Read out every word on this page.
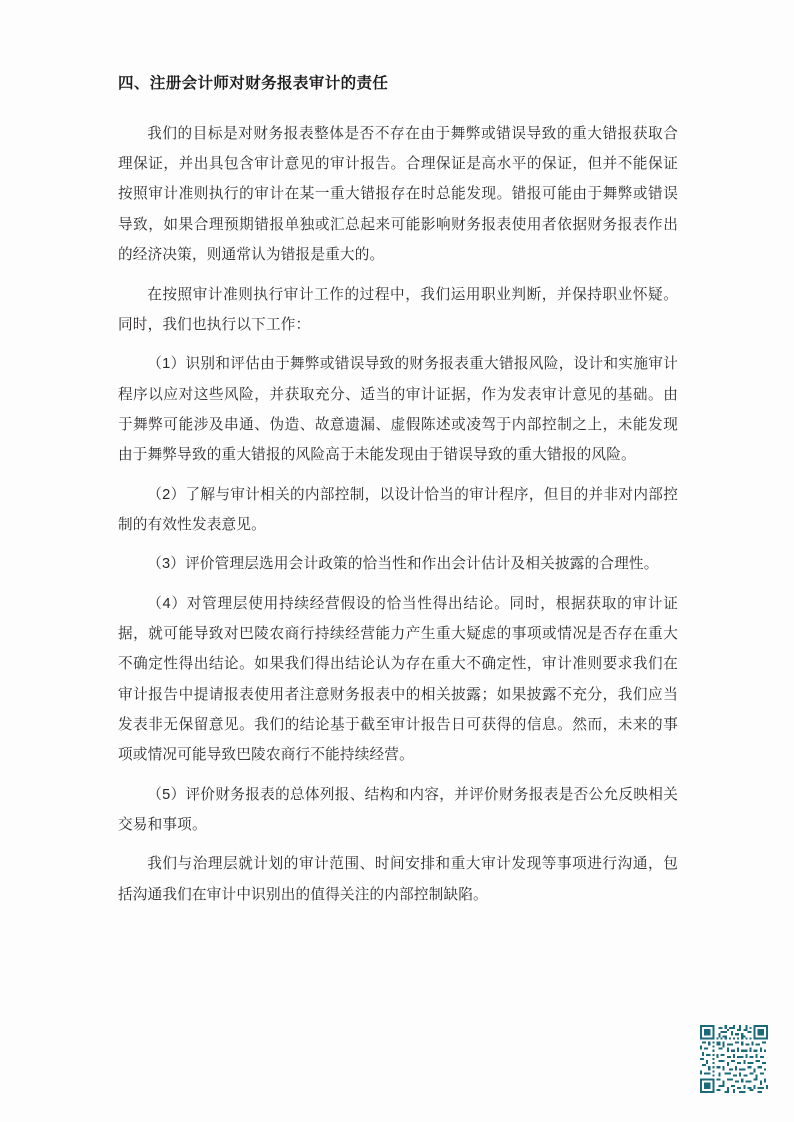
四、注册会计师对财务报表审计的责任

我们的目标是对财务报表整体是否不存在由于舞弊或错误导致的重大错报获取合理保证，并出具包含审计意见的审计报告。合理保证是高水平的保证，但并不能保证按照审计准则执行的审计在某一重大错报存在时总能发现。错报可能由于舞弊或错误导致，如果合理预期错报单独或汇总起来可能影响财务报表使用者依据财务报表作出的经济决策，则通常认为错报是重大的。

在按照审计准则执行审计工作的过程中，我们运用职业判断，并保持职业怀疑。同时，我们也执行以下工作：

（1）识别和评估由于舞弊或错误导致的财务报表重大错报风险，设计和实施审计程序以应对这些风险，并获取充分、适当的审计证据，作为发表审计意见的基础。由于舞弊可能涉及串通、伪造、故意遗漏、虚假陈述或凌驾于内部控制之上，未能发现由于舞弊导致的重大错报的风险高于未能发现由于错误导致的重大错报的风险。

（2）了解与审计相关的内部控制，以设计恰当的审计程序，但目的并非对内部控制的有效性发表意见。

（3）评价管理层选用会计政策的恰当性和作出会计估计及相关披露的合理性。

（4）对管理层使用持续经营假设的恰当性得出结论。同时，根据获取的审计证据，就可能导致对巴陵农商行持续经营能力产生重大疑虑的事项或情况是否存在重大不确定性得出结论。如果我们得出结论认为存在重大不确定性，审计准则要求我们在审计报告中提请报表使用者注意财务报表中的相关披露；如果披露不充分，我们应当发表非无保留意见。我们的结论基于截至审计报告日可获得的信息。然而，未来的事项或情况可能导致巴陵农商行不能持续经营。

（5）评价财务报表的总体列报、结构和内容，并评价财务报表是否公允反映相关交易和事项。

我们与治理层就计划的审计范围、时间安排和重大审计发现等事项进行沟通，包括沟通我们在审计中识别出的值得关注的内部控制缺陷。
